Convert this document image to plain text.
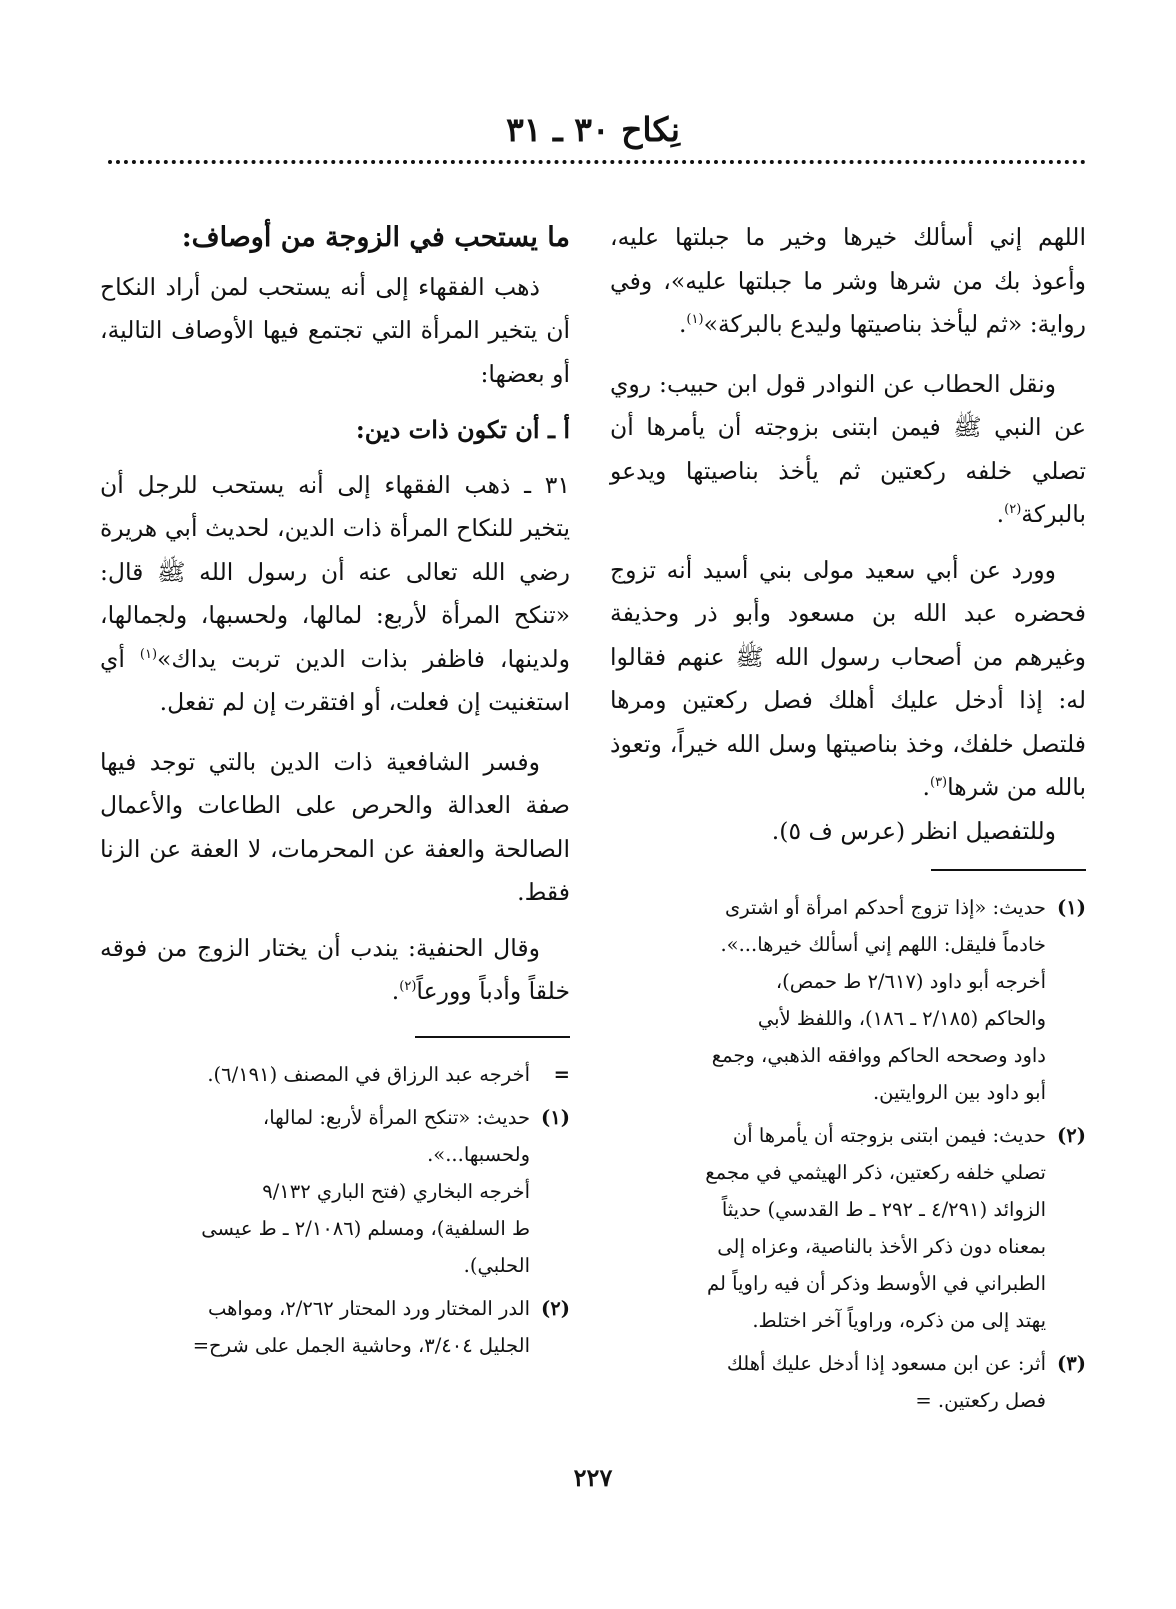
نِكاح ٣٠ ـ ٣١

اللهم إني أسألك خيرها وخير ما جبلتها عليه، وأعوذ بك من شرها وشر ما جبلتها عليه»، وفي رواية: «ثم ليأخذ بناصيتها وليدع بالبركة»$^{(١)}$.

ونقل الحطاب عن النوادر قول ابن حبيب: روي عن النبي ﷺ فيمن ابتنى بزوجته أن يأمرها أن تصلي خلفه ركعتين ثم يأخذ بناصيتها ويدعو بالبركة$^{(٢)}$.

وورد عن أبي سعيد مولى بني أسيد أنه تزوج فحضره عبد الله بن مسعود وأبو ذر وحذيفة وغيرهم من أصحاب رسول الله ﷺ عنهم فقالوا له: إذا أدخل عليك أهلك فصل ركعتين ومرها فلتصل خلفك، وخذ بناصيتها وسل الله خيراً، وتعوذ بالله من شرها$^{(٣)}$.

وللتفصيل انظر (عرس ف ٥).

(١)
حديث: «إذا تزوج أحدكم امرأة أو اشترى
خادماً فليقل: اللهم إني أسألك خيرها...».
أخرجه أبو داود (٢/٦١٧ ط حمص)،
والحاكم (٢/١٨٥ ـ ١٨٦)، واللفظ لأبي
داود وصححه الحاكم ووافقه الذهبي، وجمع
أبو داود بين الروايتين.
(٢)
حديث: فيمن ابتنى بزوجته أن يأمرها أن
تصلي خلفه ركعتين، ذكر الهيثمي في مجمع
الزوائد (٤/٢٩١ ـ ٢٩٢ ـ ط القدسي) حديثاً
بمعناه دون ذكر الأخذ بالناصية، وعزاه إلى
الطبراني في الأوسط وذكر أن فيه راوياً لم
يهتد إلى من ذكره، وراوياً آخر اختلط.
(٣)
أثر: عن ابن مسعود إذا أدخل عليك أهلك
فصل ركعتين. =
ما يستحب في الزوجة من أوصاف:

ذهب الفقهاء إلى أنه يستحب لمن أراد النكاح أن يتخير المرأة التي تجتمع فيها الأوصاف التالية، أو بعضها:

أ ـ أن تكون ذات دين:

٣١ ـ ذهب الفقهاء إلى أنه يستحب للرجل أن يتخير للنكاح المرأة ذات الدين، لحديث أبي هريرة رضي الله تعالى عنه أن رسول الله ﷺ قال: «تنكح المرأة لأربع: لمالها، ولحسبها، ولجمالها، ولدينها، فاظفر بذات الدين تربت يداك»$^{(١)}$ أي استغنيت إن فعلت، أو افتقرت إن لم تفعل.

وفسر الشافعية ذات الدين بالتي توجد فيها صفة العدالة والحرص على الطاعات والأعمال الصالحة والعفة عن المحرمات، لا العفة عن الزنا فقط.

وقال الحنفية: يندب أن يختار الزوج من فوقه خلقاً وأدباً وورعاً$^{(٢)}$.

=
أخرجه عبد الرزاق في المصنف (٦/١٩١).
(١)
حديث: «تنكح المرأة لأربع: لمالها،
ولحسبها...».
أخرجه البخاري (فتح الباري ٩/١٣٢
ط السلفية)، ومسلم (٢/١٠٨٦ ـ ط عيسى
الحلبي).
(٢)
الدر المختار ورد المحتار ٢/٢٦٢، ومواهب
الجليل ٣/٤٠٤، وحاشية الجمل على شرح=
٢٢٧
